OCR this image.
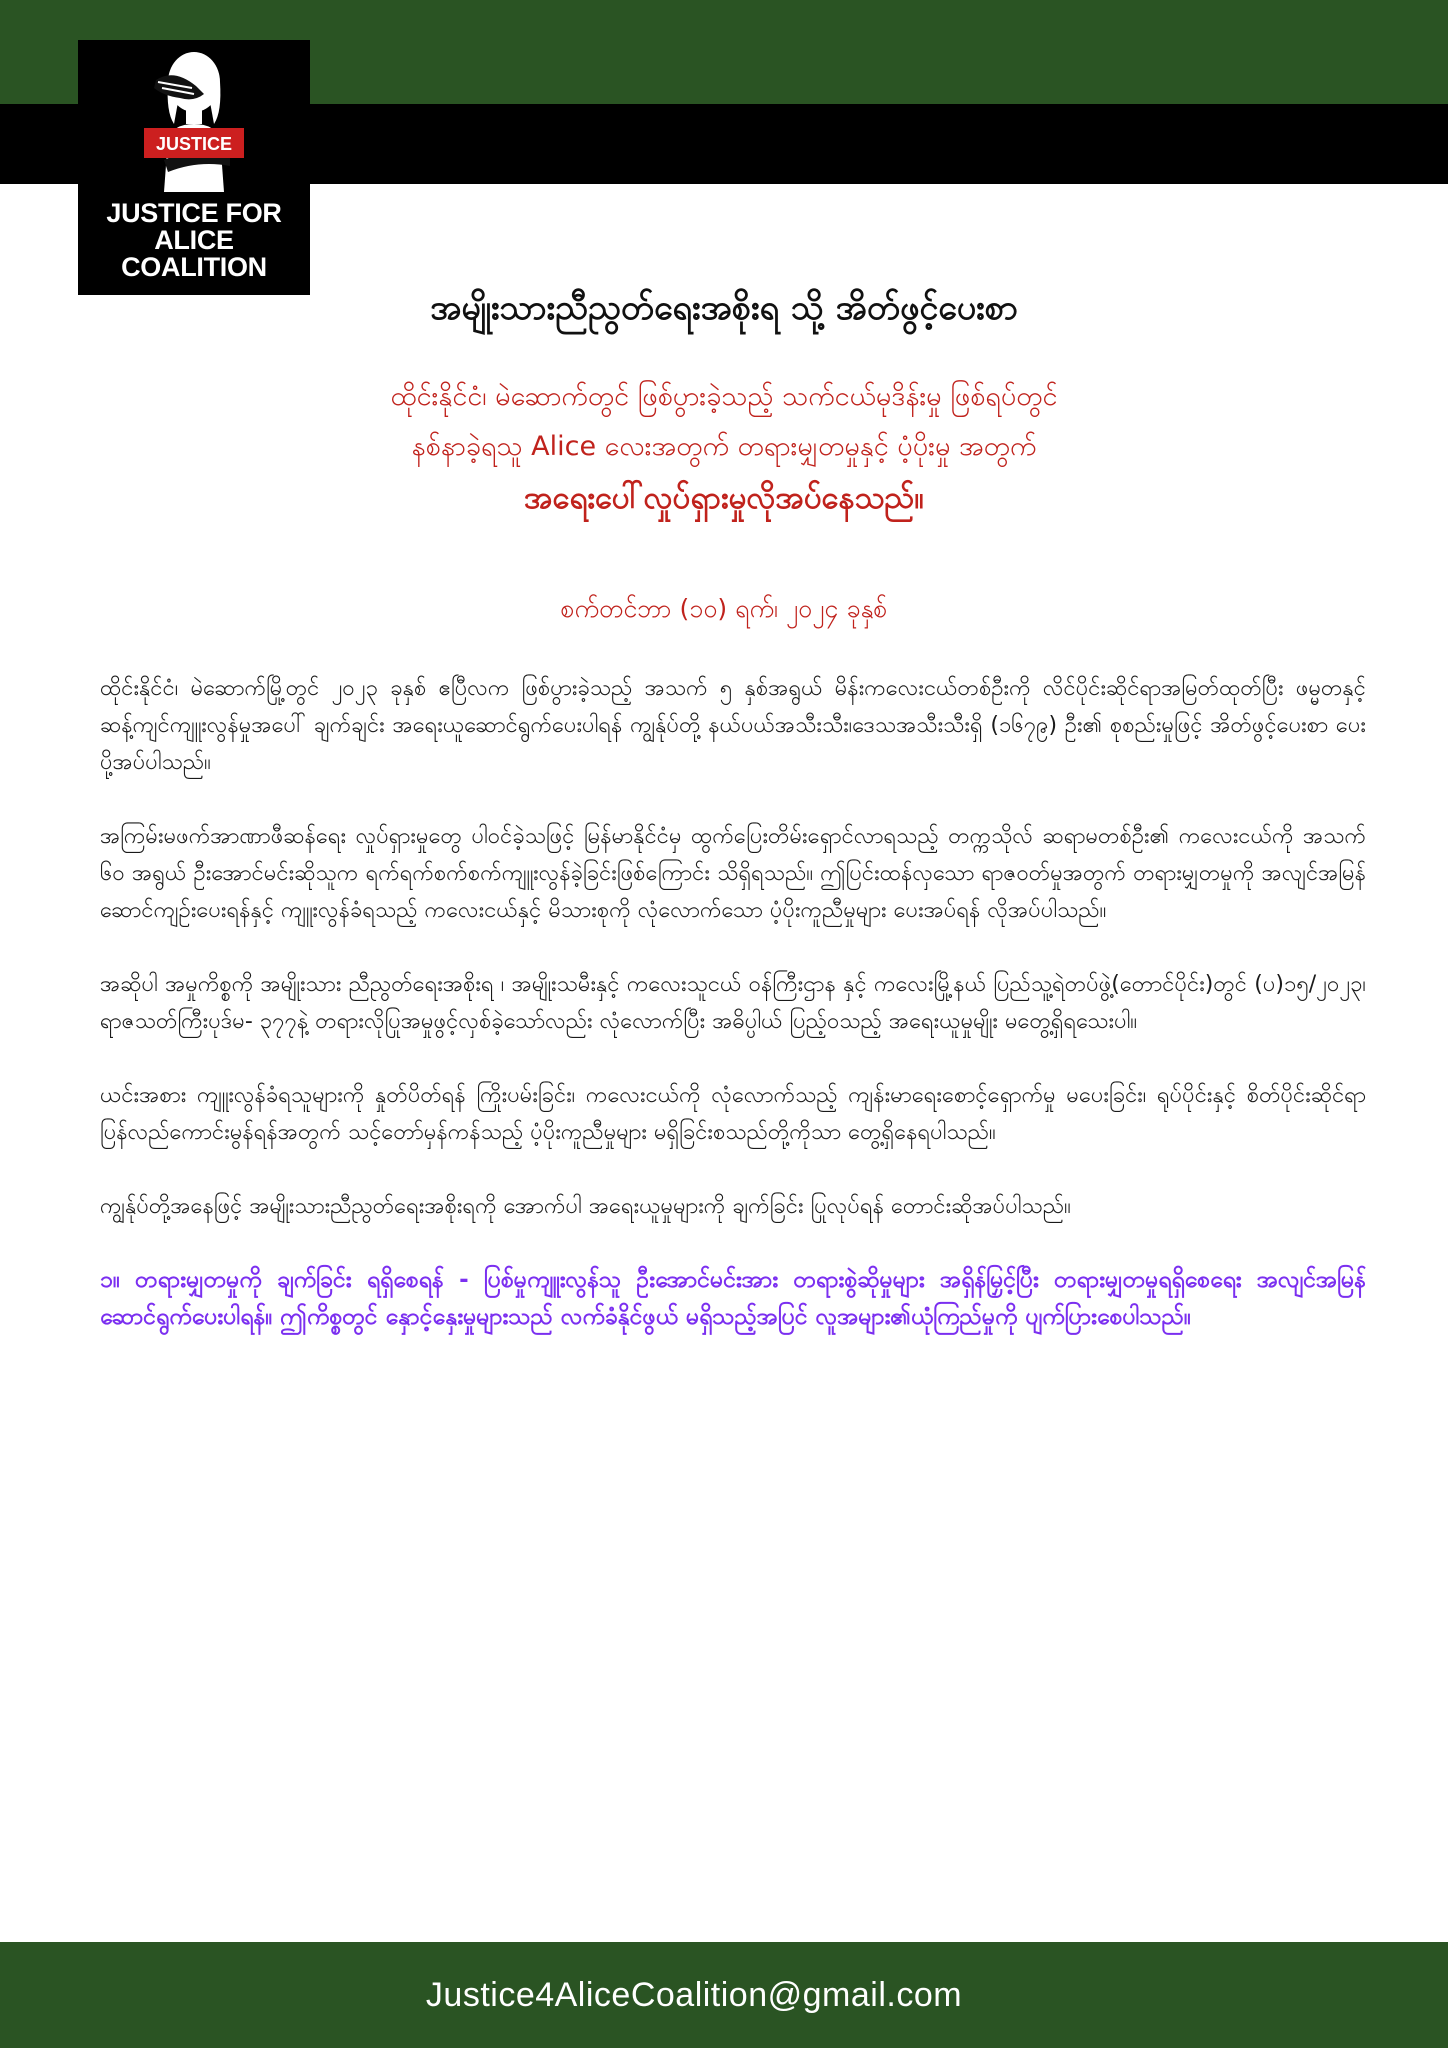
JUSTICE
JUSTICE FOR
ALICE
COALITION
အမျိုးသားညီညွတ်ရေးအစိုးရ သို့ အိတ်ဖွင့်ပေးစာ
ထိုင်းနိုင်ငံ၊ မဲဆောက်တွင် ဖြစ်ပွားခဲ့သည့် သက်ငယ်မုဒိန်းမှု ဖြစ်ရပ်တွင်
နစ်နာခဲ့ရသူ Alice လေးအတွက် တရားမျှတမှုနှင့် ပံ့ပိုးမှု အတွက်
အရေးပေါ်လှုပ်ရှားမှုလိုအပ်နေသည်။
စက်တင်ဘာ (၁၀) ရက်၊ ၂၀၂၄ ခုနှစ်

ထိုင်းနိုင်ငံ၊ မဲဆောက်မြို့တွင် ၂၀၂၃ ခုနှစ် ဧပြီလက ဖြစ်ပွားခဲ့သည့် အသက် ၅ နှစ်အရွယ် မိန်းကလေးငယ်တစ်ဦးကို လိင်ပိုင်းဆိုင်ရာအမြတ်ထုတ်ပြီး ဖမ္မတနှင့် ဆန့်ကျင်ကျူးလွန်မှုအပေါ် ချက်ချင်း အရေးယူဆောင်ရွက်ပေးပါရန် ကျွန်ုပ်တို့ နယ်ပယ်အသီးသီး၊ဒေသအသီးသီးရှိ (၁၆၇၉) ဦး၏ စုစည်းမှုဖြင့် အိတ်ဖွင့်ပေးစာ ပေးပို့အပ်ပါသည်။

အကြမ်းမဖက်အာဏာဖီဆန်ရေး လှုပ်ရှားမှုတွေ ပါဝင်ခဲ့သဖြင့် မြန်မာနိုင်ငံမှ ထွက်ပြေးတိမ်းရှောင်လာရသည့် တက္ကသိုလ် ဆရာမတစ်ဦး၏ ကလေးငယ်ကို အသက် ၆၀ အရွယ် ဦးအောင်မင်းဆိုသူက ရက်ရက်စက်စက်ကျူးလွန်ခဲ့ခြင်းဖြစ်ကြောင်း သိရှိရသည်။ ဤပြင်းထန်လှသော ရာဇဝတ်မှုအတွက် တရားမျှတမှုကို အလျင်အမြန်ဆောင်ကျဉ်းပေးရန်နှင့် ကျူးလွန်ခံရသည့် ကလေးငယ်နှင့် မိသားစုကို လုံလောက်သော ပံ့ပိုးကူညီမှုများ ပေးအပ်ရန် လိုအပ်ပါသည်။

အဆိုပါ အမှုကိစ္စကို အမျိုးသား ညီညွတ်ရေးအစိုးရ ၊ အမျိုးသမီးနှင့် ကလေးသူငယ် ဝန်ကြီးဌာန နှင့် ကလေးမြို့နယ် ပြည်သူ့ရဲတပ်ဖွဲ့(တောင်ပိုင်း)တွင် (ပ)၁၅/၂၀၂၃၊ ရာဇသတ်ကြီးပုဒ်မ- ၃၇၇နဲ့ တရားလိုပြုအမှုဖွင့်လှစ်ခဲ့သော်လည်း လုံလောက်ပြီး အဓိပ္ပါယ် ပြည့်ဝသည့် အရေးယူမှုမျိုး မတွေ့ရှိရသေးပါ။

ယင်းအစား ကျူးလွန်ခံရသူများကို နှုတ်ပိတ်ရန် ကြိုးပမ်းခြင်း၊ ကလေးငယ်ကို လုံလောက်သည့် ကျန်းမာရေးစောင့်ရှောက်မှု မပေးခြင်း၊ ရုပ်ပိုင်းနှင့် စိတ်ပိုင်းဆိုင်ရာ ပြန်လည်ကောင်းမွန်ရန်အတွက် သင့်တော်မှန်ကန်သည့် ပံ့ပိုးကူညီမှုများ မရှိခြင်းစသည်တို့ကိုသာ တွေ့ရှိနေရပါသည်။

ကျွန်ုပ်တို့အနေဖြင့် အမျိုးသားညီညွတ်ရေးအစိုးရကို အောက်ပါ အရေးယူမှုများကို ချက်ခြင်း ပြုလုပ်ရန် တောင်းဆိုအပ်ပါသည်။

၁။ တရားမျှတမှုကို ချက်ခြင်း ရရှိစေရန် - ပြစ်မှုကျူးလွန်သူ ဦးအောင်မင်းအား တရားစွဲဆိုမှုများ အရှိန်မြှင့်ပြီး တရားမျှတမှုရရှိစေရေး အလျင်အမြန် ဆောင်ရွက်ပေးပါရန်။ ဤကိစ္စတွင် နှောင့်နှေးမှုများသည် လက်ခံနိုင်ဖွယ် မရှိသည့်အပြင် လူအများ၏ယုံကြည်မှုကို ပျက်ပြားစေပါသည်။

Justice4AliceCoalition@gmail.com
